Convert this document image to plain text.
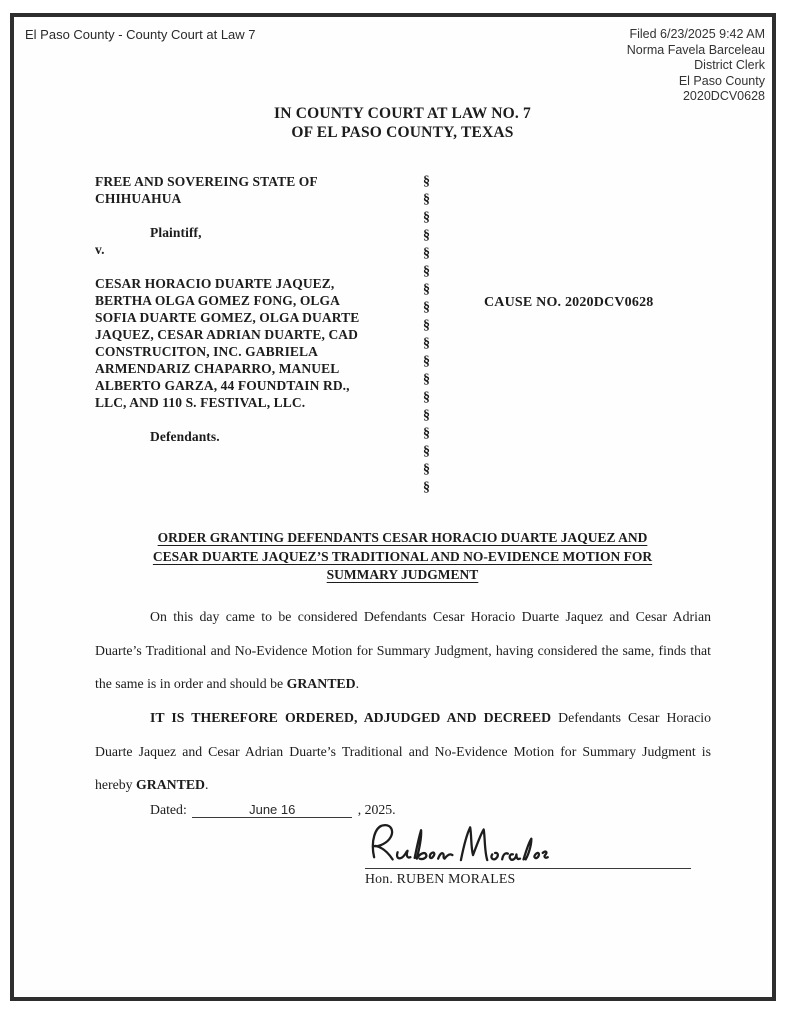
El Paso County - County Court at Law 7	Filed 6/23/2025 9:42 AM
Norma Favela Barceleau
District Clerk
El Paso County
2020DCV0628
IN COUNTY COURT AT LAW NO. 7
OF EL PASO COUNTY, TEXAS
FREE AND SOVEREING STATE OF
CHIHUAHUA
Plaintiff,
v.
CESAR HORACIO DUARTE JAQUEZ,
BERTHA OLGA GOMEZ FONG, OLGA
SOFIA DUARTE GOMEZ, OLGA DUARTE
JAQUEZ, CESAR ADRIAN DUARTE, CAD
CONSTRUCITON, INC. GABRIELA
ARMENDARIZ CHAPARRO, MANUEL
ALBERTO GARZA, 44 FOUNDTAIN RD.,
LLC, AND 110 S. FESTIVAL, LLC.
Defendants.
§
§
§
§
§
§
§
§
§
§
§
§
§
§
§
§
§
§
CAUSE NO. 2020DCV0628
ORDER GRANTING DEFENDANTS CESAR HORACIO DUARTE JAQUEZ AND
CESAR DUARTE JAQUEZ’S TRADITIONAL AND NO-EVIDENCE MOTION FOR
SUMMARY JUDGMENT
On this day came to be considered Defendants Cesar Horacio Duarte Jaquez and Cesar Adrian Duarte’s Traditional and No-Evidence Motion for Summary Judgment, having considered the same, finds that the same is in order and should be GRANTED.
IT IS THEREFORE ORDERED, ADJUDGED AND DECREED Defendants Cesar Horacio Duarte Jaquez and Cesar Adrian Duarte’s Traditional and No-Evidence Motion for Summary Judgment is hereby GRANTED.
Dated:	June 16	, 2025.
Hon. RUBEN MORALES
